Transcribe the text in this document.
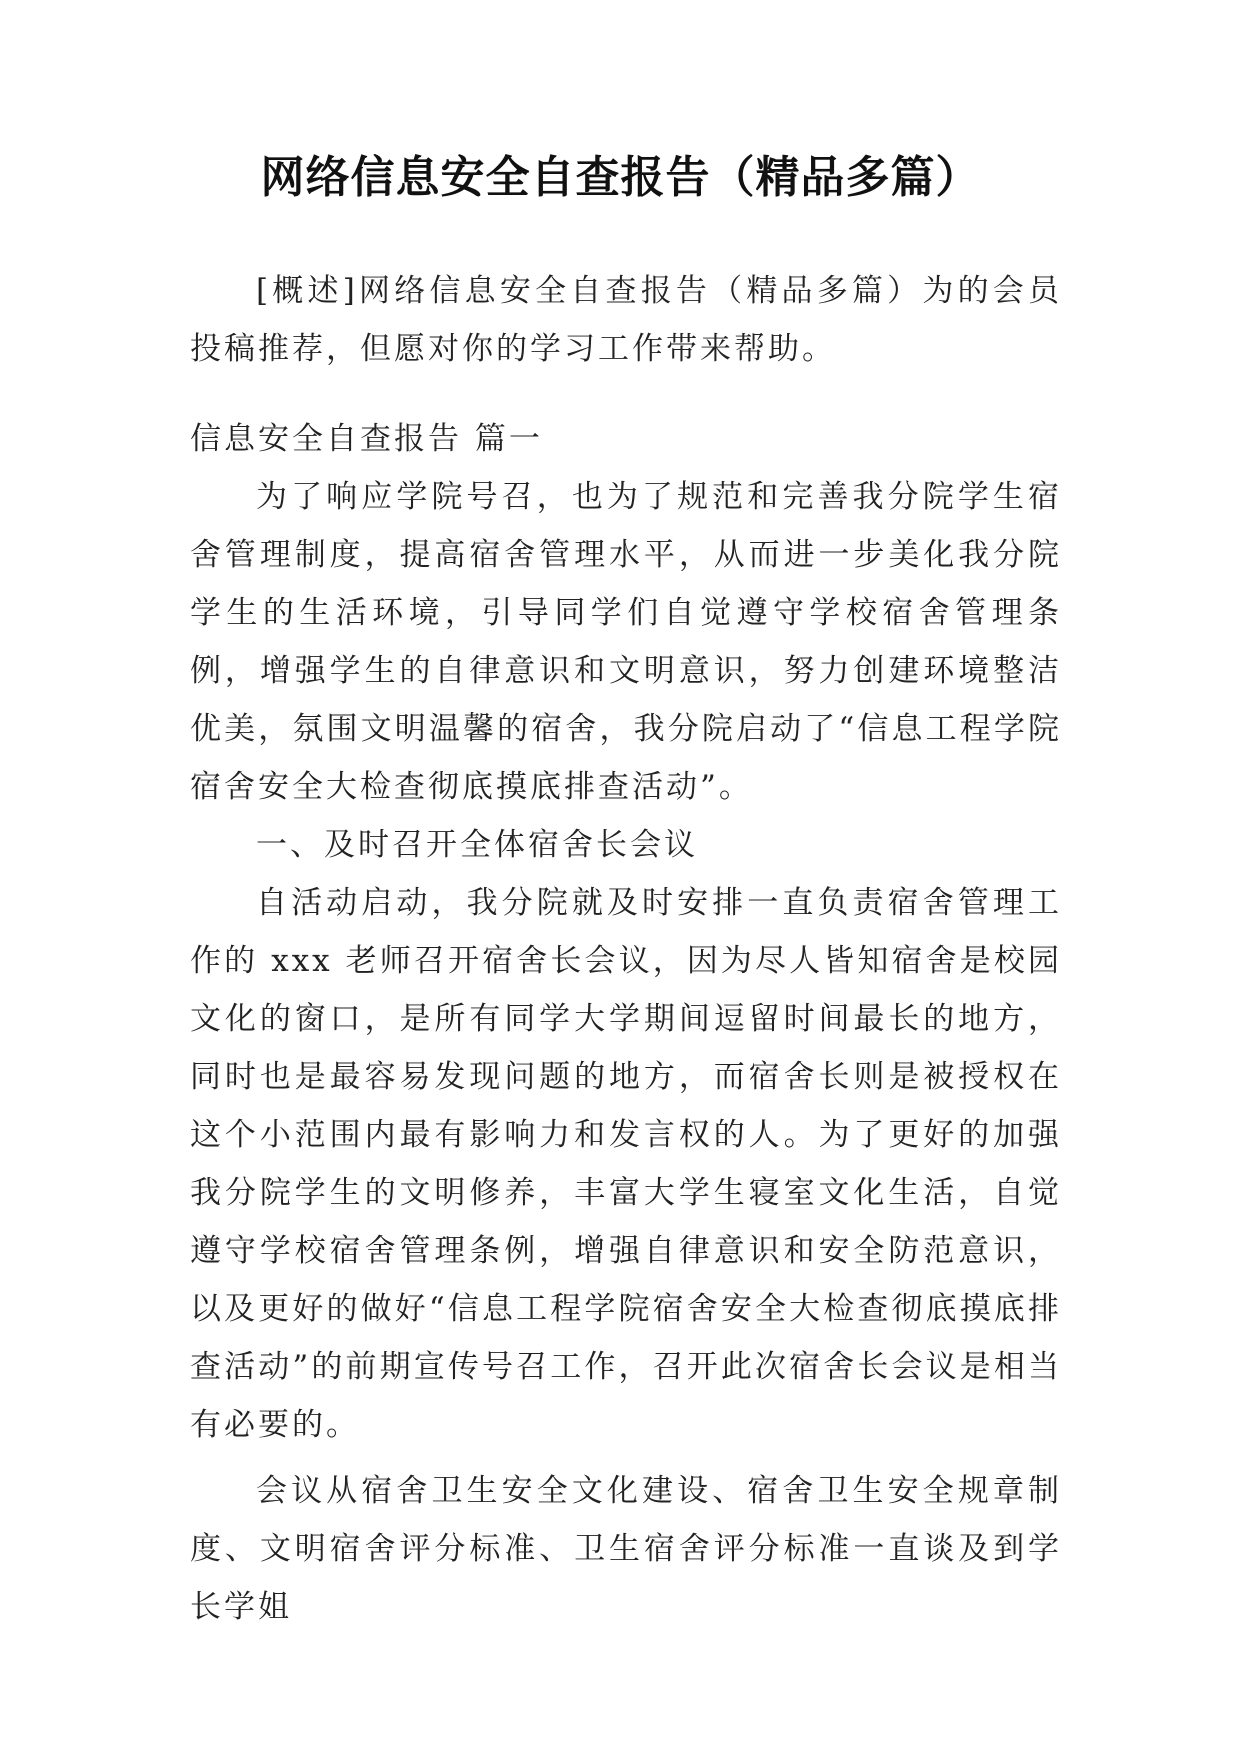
网络信息安全自查报告（精品多篇）

[概述]网络信息安全自查报告（精品多篇）为的会员投稿推荐，但愿对你的学习工作带来帮助。

信息安全自查报告 篇一

为了响应学院号召，也为了规范和完善我分院学生宿舍管理制度，提高宿舍管理水平，从而进一步美化我分院学生的生活环境，引导同学们自觉遵守学校宿舍管理条例，增强学生的自律意识和文明意识，努力创建环境整洁优美，氛围文明温馨的宿舍，我分院启动了“信息工程学院宿舍安全大检查彻底摸底排查活动”。

一、及时召开全体宿舍长会议

自活动启动，我分院就及时安排一直负责宿舍管理工作的 xxx 老师召开宿舍长会议，因为尽人皆知宿舍是校园文化的窗口，是所有同学大学期间逗留时间最长的地方，同时也是最容易发现问题的地方，而宿舍长则是被授权在这个小范围内最有影响力和发言权的人。为了更好的加强我分院学生的文明修养，丰富大学生寝室文化生活，自觉遵守学校宿舍管理条例，增强自律意识和安全防范意识，以及更好的做好“信息工程学院宿舍安全大检查彻底摸底排查活动”的前期宣传号召工作，召开此次宿舍长会议是相当有必要的。

会议从宿舍卫生安全文化建设、宿舍卫生安全规章制度、文明宿舍评分标准、卫生宿舍评分标准一直谈及到学长学姐
